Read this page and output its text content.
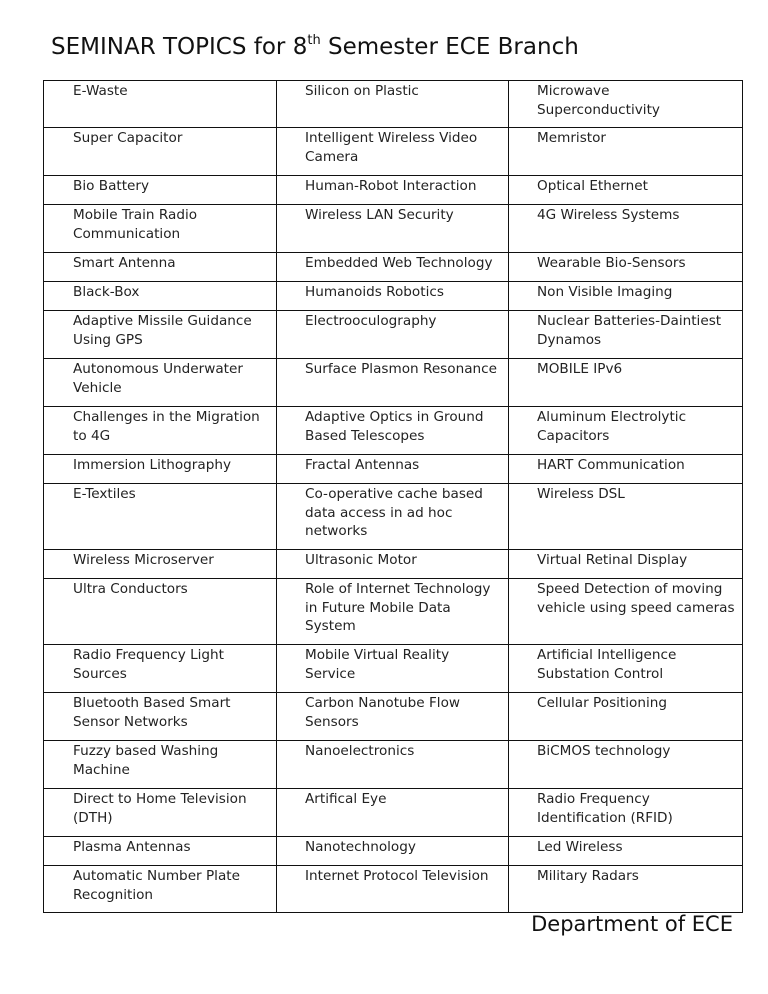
SEMINAR TOPICS for 8th Semester ECE Branch
E-Waste	Silicon on Plastic	Microwave Superconductivity

Super Capacitor	Intelligent Wireless Video Camera	Memristor

Bio Battery	Human-Robot Interaction	Optical Ethernet

Mobile Train Radio Communication	Wireless LAN Security	4G Wireless Systems

Smart Antenna	Embedded Web Technology	Wearable Bio-Sensors

Black-Box	Humanoids Robotics	Non Visible Imaging

Adaptive Missile Guidance Using GPS	Electrooculography	Nuclear Batteries-Daintiest Dynamos

Autonomous Underwater Vehicle	Surface Plasmon Resonance	MOBILE IPv6

Challenges in the Migration to 4G	Adaptive Optics in Ground Based Telescopes	Aluminum Electrolytic Capacitors

Immersion Lithography	Fractal Antennas	HART Communication

E-Textiles	Co-operative cache based data access in ad hoc networks	Wireless DSL

Wireless Microserver	Ultrasonic Motor	Virtual Retinal Display

Ultra Conductors	Role of Internet Technology in Future Mobile Data System	Speed Detection of moving vehicle using speed cameras

Radio Frequency Light Sources	Mobile Virtual Reality Service	Artificial Intelligence Substation Control

Bluetooth Based Smart Sensor Networks	Carbon Nanotube Flow Sensors	Cellular Positioning

Fuzzy based Washing Machine	Nanoelectronics	BiCMOS technology

Direct to Home Television (DTH)	Artifical Eye	Radio Frequency Identification (RFID)

Plasma Antennas	Nanotechnology	Led Wireless

Automatic Number Plate Recognition	Internet Protocol Television	Military Radars
Department of ECE
